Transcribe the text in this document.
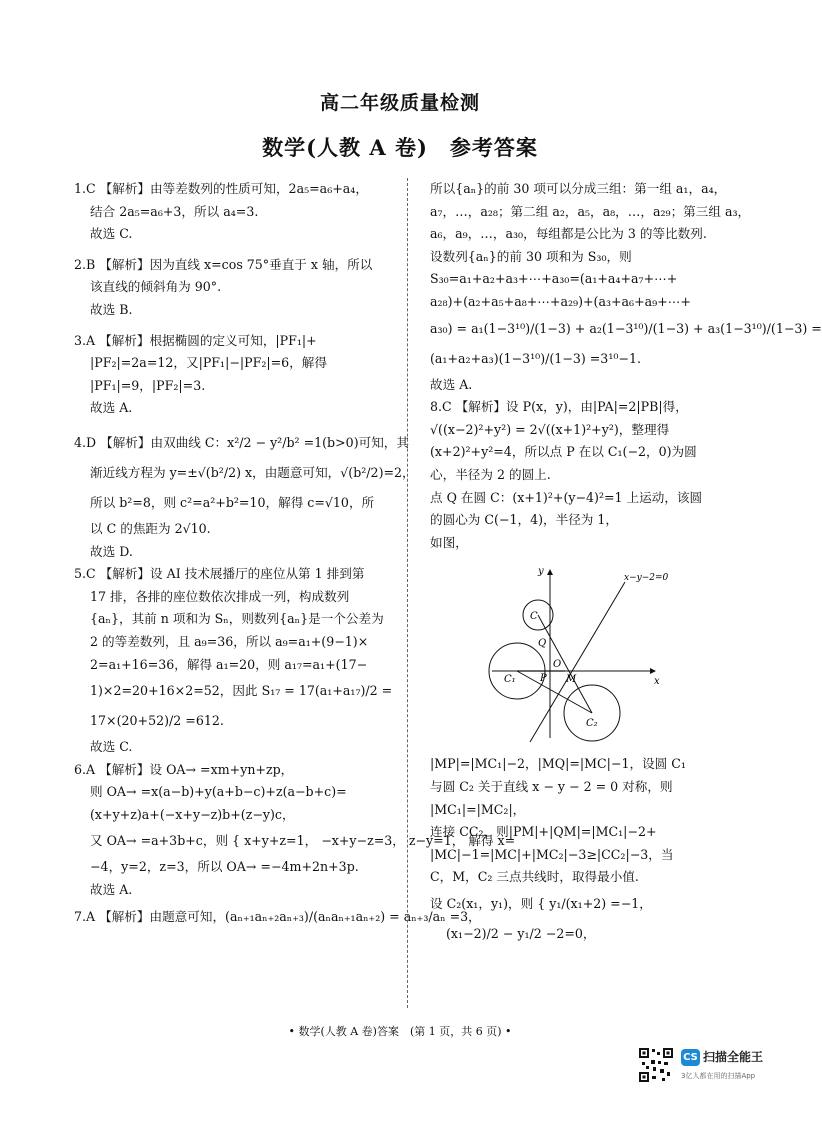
高二年级质量检测
数学(人教 A 卷)　参考答案
1.C 【解析】由等差数列的性质可知，2a₅=a₆+a₄，
结合 2a₅=a₆+3，所以 a₄=3.
故选 C.
2.B 【解析】因为直线 x=cos 75°垂直于 x 轴，所以
该直线的倾斜角为 90°.
故选 B.
3.A 【解析】根据椭圆的定义可知，|PF₁|+
|PF₂|=2a=12，又|PF₁|−|PF₂|=6，解得
|PF₁|=9，|PF₂|=3.
故选 A.
4.D 【解析】由双曲线 C：x²/2 − y²/b² =1(b>0)可知，其
渐近线方程为 y=±√(b²/2) x，由题意可知，√(b²/2)=2，
所以 b²=8，则 c²=a²+b²=10，解得 c=√10，所
以 C 的焦距为 2√10.
故选 D.
5.C 【解析】设 AI 技术展播厅的座位从第 1 排到第
17 排，各排的座位数依次排成一列，构成数列
{aₙ}，其前 n 项和为 Sₙ，则数列{aₙ}是一个公差为
2 的等差数列，且 a₉=36，所以 a₉=a₁+(9−1)×
2=a₁+16=36，解得 a₁=20，则 a₁₇=a₁+(17−
1)×2=20+16×2=52，因此 S₁₇ = 17(a₁+a₁₇)/2 =
17×(20+52)/2 =612.
故选 C.
6.A 【解析】设 OA→ =xm+yn+zp，
则 OA→ =x(a−b)+y(a+b−c)+z(a−b+c)=
(x+y+z)a+(−x+y−z)b+(z−y)c，
又 OA→ =a+3b+c，则 { x+y+z=1， −x+y−z=3， z−y=1， 解得 x=
−4，y=2，z=3，所以 OA→ =−4m+2n+3p.
故选 A.
7.A 【解析】由题意可知，(aₙ₊₁aₙ₊₂aₙ₊₃)/(aₙaₙ₊₁aₙ₊₂) = aₙ₊₃/aₙ =3，
所以{aₙ}的前 30 项可以分成三组：第一组 a₁，a₄，
a₇，…，a₂₈；第二组 a₂，a₅，a₈，…，a₂₉；第三组 a₃，
a₆，a₉，…，a₃₀，每组都是公比为 3 的等比数列.
设数列{aₙ}的前 30 项和为 S₃₀，则
S₃₀=a₁+a₂+a₃+⋯+a₃₀=(a₁+a₄+a₇+⋯+
a₂₈)+(a₂+a₅+a₈+⋯+a₂₉)+(a₃+a₆+a₉+⋯+
a₃₀) = a₁(1−3¹⁰)/(1−3) + a₂(1−3¹⁰)/(1−3) + a₃(1−3¹⁰)/(1−3) =
(a₁+a₂+a₃)(1−3¹⁰)/(1−3) =3¹⁰−1.
故选 A.
8.C 【解析】设 P(x，y)，由|PA|=2|PB|得，
√((x−2)²+y²) = 2√((x+1)²+y²)，整理得
(x+2)²+y²=4，所以点 P 在以 C₁(−2，0)为圆
心，半径为 2 的圆上.
点 Q 在圆 C：(x+1)²+(y−4)²=1 上运动，该圆
的圆心为 C(−1，4)，半径为 1，
如图，
x−y−2=0
y
x
O
C
Q
C₁ P M
C₂
|MP|=|MC₁|−2，|MQ|=|MC|−1，设圆 C₁
与圆 C₂ 关于直线 x − y − 2 = 0 对称，则
|MC₁|=|MC₂|，
连接 CC₂，则|PM|+|QM|=|MC₁|−2+
|MC|−1=|MC|+|MC₂|−3≥|CC₂|−3，当
C，M，C₂ 三点共线时，取得最小值.
设 C₂(x₁，y₁)，则 { y₁/(x₁+2) =−1，
(x₁−2)/2 − y₁/2 −2=0，
• 数学(人教 A 卷)答案　(第 1 页，共 6 页) •
CS 扫描全能王
3亿人都在用的扫描App
